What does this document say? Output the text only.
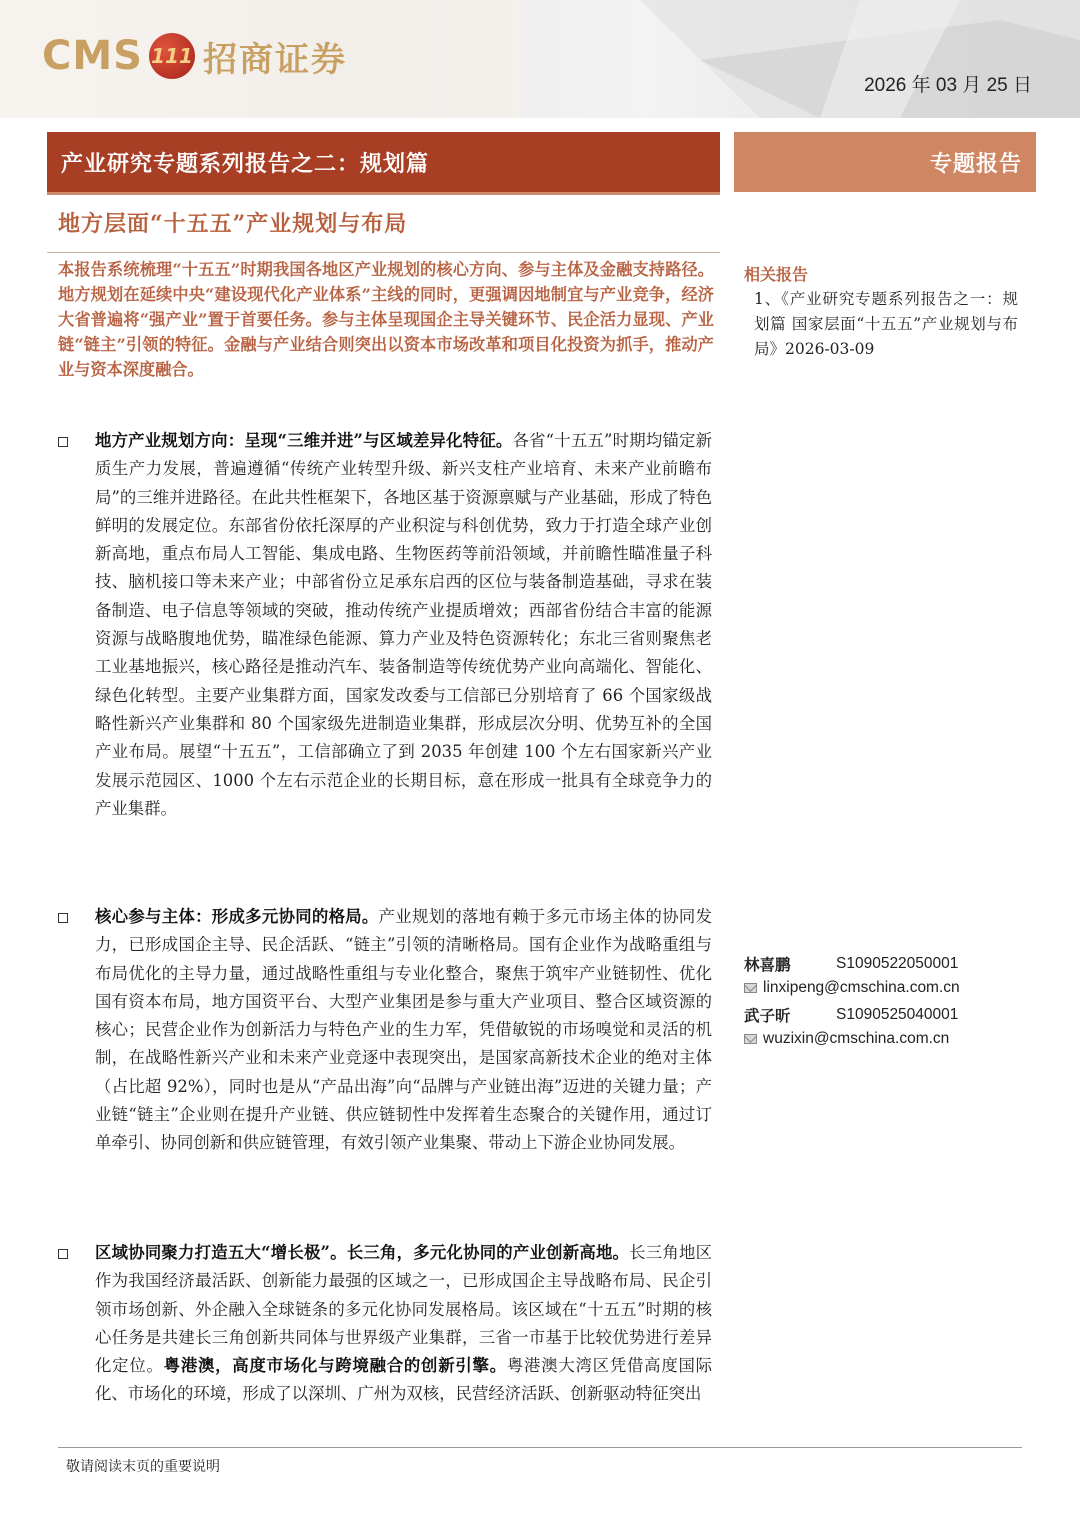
CMS 111 招商证券
2026 年 03 月 25 日
产业研究专题系列报告之二：规划篇	专题报告
地方层面“十五五”产业规划与布局
本报告系统梳理“十五五”时期我国各地区产业规划的核心方向、参与主体及金融支持路径。地方规划在延续中央“建设现代化产业体系”主线的同时，更强调因地制宜与产业竞争，经济大省普遍将“强产业”置于首要任务。参与主体呈现国企主导关键环节、民企活力显现、产业链“链主”引领的特征。金融与产业结合则突出以资本市场改革和项目化投资为抓手，推动产业与资本深度融合。
地方产业规划方向：呈现“三维并进”与区域差异化特征。各省“十五五”时期均锚定新质生产力发展，普遍遵循“传统产业转型升级、新兴支柱产业培育、未来产业前瞻布局”的三维并进路径。在此共性框架下，各地区基于资源禀赋与产业基础，形成了特色鲜明的发展定位。东部省份依托深厚的产业积淀与科创优势，致力于打造全球产业创新高地，重点布局人工智能、集成电路、生物医药等前沿领域，并前瞻性瞄准量子科技、脑机接口等未来产业；中部省份立足承东启西的区位与装备制造基础，寻求在装备制造、电子信息等领域的突破，推动传统产业提质增效；西部省份结合丰富的能源资源与战略腹地优势，瞄准绿色能源、算力产业及特色资源转化；东北三省则聚焦老工业基地振兴，核心路径是推动汽车、装备制造等传统优势产业向高端化、智能化、绿色化转型。主要产业集群方面，国家发改委与工信部已分别培育了 66 个国家级战略性新兴产业集群和 80 个国家级先进制造业集群，形成层次分明、优势互补的全国产业布局。展望“十五五”，工信部确立了到 2035 年创建 100 个左右国家新兴产业发展示范园区、1000 个左右示范企业的长期目标，意在形成一批具有全球竞争力的产业集群。
核心参与主体：形成多元协同的格局。产业规划的落地有赖于多元市场主体的协同发力，已形成国企主导、民企活跃、“链主”引领的清晰格局。国有企业作为战略重组与布局优化的主导力量，通过战略性重组与专业化整合，聚焦于筑牢产业链韧性、优化国有资本布局，地方国资平台、大型产业集团是参与重大产业项目、整合区域资源的核心；民营企业作为创新活力与特色产业的生力军，凭借敏锐的市场嗅觉和灵活的机制，在战略性新兴产业和未来产业竞逐中表现突出，是国家高新技术企业的绝对主体（占比超 92%），同时也是从“产品出海”向“品牌与产业链出海”迈进的关键力量；产业链“链主”企业则在提升产业链、供应链韧性中发挥着生态聚合的关键作用，通过订单牵引、协同创新和供应链管理，有效引领产业集聚、带动上下游企业协同发展。
区域协同聚力打造五大“增长极”。长三角，多元化协同的产业创新高地。长三角地区作为我国经济最活跃、创新能力最强的区域之一，已形成国企主导战略布局、民企引领市场创新、外企融入全球链条的多元化协同发展格局。该区域在“十五五”时期的核心任务是共建长三角创新共同体与世界级产业集群，三省一市基于比较优势进行差异化定位。粤港澳，高度市场化与跨境融合的创新引擎。粤港澳大湾区凭借高度国际化、市场化的环境，形成了以深圳、广州为双核，民营经济活跃、创新驱动特征突出
相关报告
1、《产业研究专题系列报告之一：规划篇 国家层面“十五五”产业规划与布局》2026-03-09
林喜鹏	S1090522050001
linxipeng@cmschina.com.cn
武子昕	S1090525040001
wuzixin@cmschina.com.cn
敬请阅读末页的重要说明
